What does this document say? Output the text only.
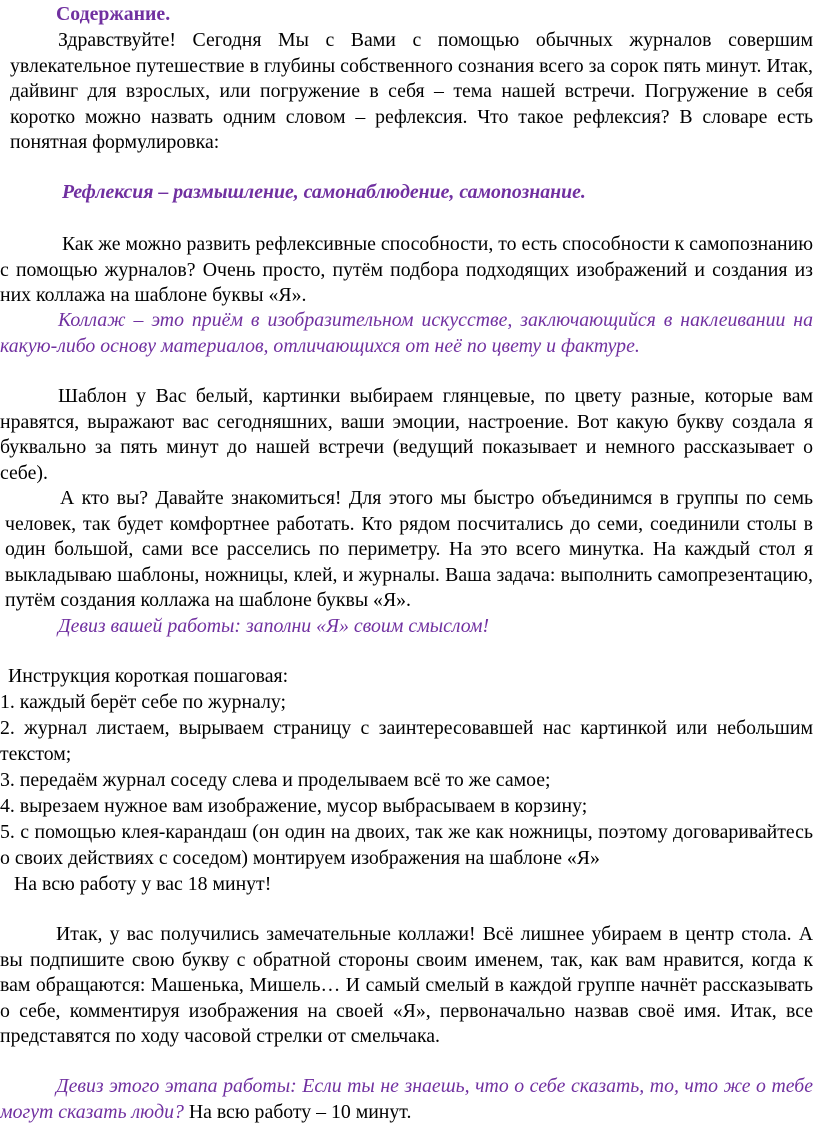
Содержание.

Здравствуйте! Сегодня Мы с Вами с помощью обычных журналов совершим увлекательное путешествие в глубины собственного сознания всего за сорок пять минут. Итак, дайвинг для взрослых, или погружение в себя – тема нашей встречи. Погружение в себя коротко можно назвать одним словом – рефлексия. Что такое рефлексия? В словаре есть понятная формулировка:

Рефлексия – размышление, самонаблюдение, самопознание.

Как же можно развить рефлексивные способности, то есть способности к самопознанию с помощью журналов? Очень просто, путём подбора подходящих изображений и создания из них коллажа на шаблоне буквы «Я».

Коллаж – это приём в изобразительном искусстве, заключающийся в наклеивании на какую-либо основу материалов, отличающихся от неё по цвету и фактуре.

Шаблон у Вас белый, картинки выбираем глянцевые, по цвету разные, которые вам нравятся, выражают вас сегодняшних, ваши эмоции, настроение. Вот какую букву создала я буквально за пять минут до нашей встречи (ведущий показывает и немного рассказывает о себе).

А кто вы? Давайте знакомиться! Для этого мы быстро объединимся в группы по семь человек, так будет комфортнее работать. Кто рядом посчитались до семи, соединили столы в один большой, сами все расселись по периметру. На это всего минутка. На каждый стол я выкладываю шаблоны, ножницы, клей, и журналы. Ваша задача: выполнить самопрезентацию, путём создания коллажа на шаблоне буквы «Я».

Девиз вашей работы: заполни «Я» своим смыслом!
Инструкция короткая пошаговая:
1. каждый берёт себе по журналу;

2. журнал листаем, вырываем страницу с заинтересовавшей нас картинкой или небольшим текстом;

3. передаём журнал соседу слева и проделываем всё то же самое;
4. вырезаем нужное вам изображение, мусор выбрасываем в корзину;

5. с помощью клея-карандаш (он один на двоих, так же как ножницы, поэтому договаривайтесь о своих действиях с соседом) монтируем изображения на шаблоне «Я»

На всю работу у вас 18 минут!

Итак, у вас получились замечательные коллажи! Всё лишнее убираем в центр стола. А вы подпишите свою букву с обратной стороны своим именем, так, как вам нравится, когда к вам обращаются: Машенька, Мишель… И самый смелый в каждой группе начнёт рассказывать о себе, комментируя изображения на своей «Я», первоначально назвав своё имя. Итак, все представятся по ходу часовой стрелки от смельчака.

Девиз этого этапа работы: Если ты не знаешь, что о себе сказать, то, что же о тебе могут сказать люди? На всю работу – 10 минут.
